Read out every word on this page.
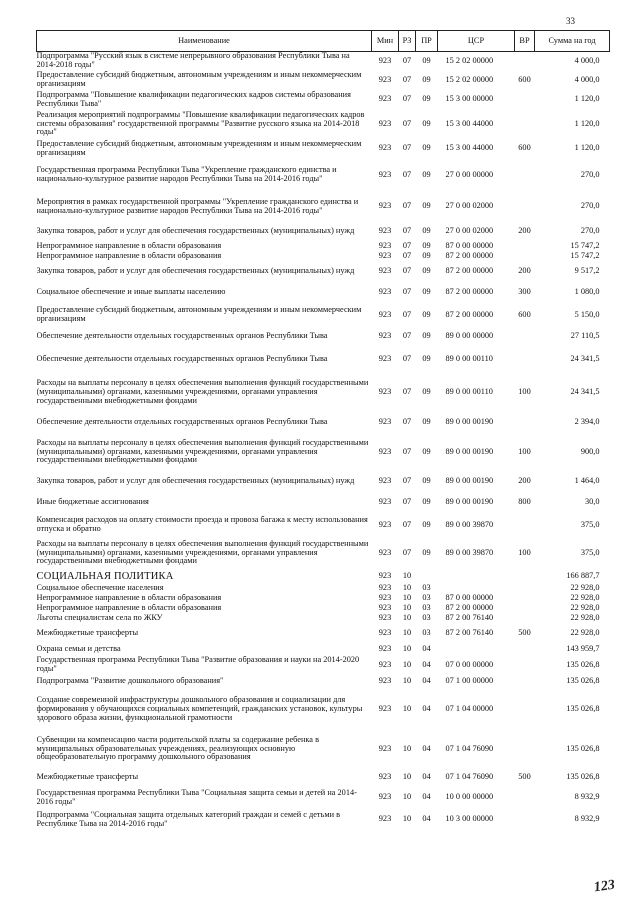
33
Наименование	Мин	РЗ	ПР	ЦСР	ВР	Сумма на год
Подпрограмма "Русский язык в системе непрерывного образования Республики Тыва на 2014-2018 годы"	923	07	09	15 2 02 00000		4 000,0
Предоставление субсидий бюджетным, автономным учреждениям и иным некоммерческим организациям	923	07	09	15 2 02 00000	600	4 000,0
Подпрограмма "Повышение квалификации педагогических кадров системы образования Республики Тыва"	923	07	09	15 3 00 00000		1 120,0
Реализация мероприятий подпрограммы "Повышение квалификации педагогических кадров системы образования" государственной программы "Развитие русского языка на 2014-2018 годы"	923	07	09	15 3 00 44000		1 120,0
Предоставление субсидий бюджетным, автономным учреждениям и иным некоммерческим организациям	923	07	09	15 3 00 44000	600	1 120,0
Государственная программа Республики Тыва "Укрепление гражданского единства и национально-культурное развитие народов Республики Тыва на 2014-2016 годы"	923	07	09	27 0 00 00000		270,0
Мероприятия в рамках государственной программы "Укрепление гражданского единства и национально-культурное развитие народов Республики Тыва на 2014-2016 годы"	923	07	09	27 0 00 02000		270,0
Закупка товаров, работ и услуг для обеспечения государственных (муниципальных) нужд	923	07	09	27 0 00 02000	200	270,0
Непрограммное направление в области образования	923	07	09	87 0 00 00000		15 747,2
Непрограммное направление в области образования	923	07	09	87 2 00 00000		15 747,2
Закупка товаров, работ и услуг для обеспечения государственных (муниципальных) нужд	923	07	09	87 2 00 00000	200	9 517,2
Социальное обеспечение и иные выплаты населению	923	07	09	87 2 00 00000	300	1 080,0
Предоставление субсидий бюджетным, автономным учреждениям и иным некоммерческим организациям	923	07	09	87 2 00 00000	600	5 150,0
Обеспечение деятельности отдельных государственных органов Республики Тыва	923	07	09	89 0 00 00000		27 110,5
Обеспечение деятельности отдельных государственных органов Республики Тыва	923	07	09	89 0 00 00110		24 341,5
Расходы на выплаты персоналу в целях обеспечения выполнения функций государственными (муниципальными) органами, казенными учреждениями, органами управления государственными внебюджетными фондами	923	07	09	89 0 00 00110	100	24 341,5
Обеспечение деятельности отдельных государственных органов Республики Тыва	923	07	09	89 0 00 00190		2 394,0
Расходы на выплаты персоналу в целях обеспечения выполнения функций государственными (муниципальными) органами, казенными учреждениями, органами управления государственными внебюджетными фондами	923	07	09	89 0 00 00190	100	900,0
Закупка товаров, работ и услуг для обеспечения государственных (муниципальных) нужд	923	07	09	89 0 00 00190	200	1 464,0
Иные бюджетные ассигнования	923	07	09	89 0 00 00190	800	30,0
Компенсация расходов на оплату стоимости проезда и провоза багажа к месту использования отпуска и обратно	923	07	09	89 0 00 39870		375,0
Расходы на выплаты персоналу в целях обеспечения выполнения функций государственными (муниципальными) органами, казенными учреждениями, органами управления государственными внебюджетными фондами	923	07	09	89 0 00 39870	100	375,0
СОЦИАЛЬНАЯ ПОЛИТИКА	923	10				166 887,7
Социальное обеспечение населения	923	10	03			22 928,0
Непрограммное направление в области образования	923	10	03	87 0 00 00000		22 928,0
Непрограммное направление в области образования	923	10	03	87 2 00 00000		22 928,0
Льготы специалистам села по ЖКУ	923	10	03	87 2 00 76140		22 928,0
Межбюджетные трансферты	923	10	03	87 2 00 76140	500	22 928,0
Охрана семьи и детства	923	10	04			143 959,7
Государственная программа Республики Тыва "Развитие образования и науки на 2014-2020 годы"	923	10	04	07 0 00 00000		135 026,8
Подпрограмма "Развитие дошкольного образования"	923	10	04	07 1 00 00000		135 026,8
Создание современной инфраструктуры дошкольного образования и социализации для формирования у обучающихся социальных компетенций, гражданских установок, культуры здорового образа жизни, функциональной грамотности	923	10	04	07 1 04 00000		135 026,8
Субвенции на компенсацию части родительской платы за содержание ребенка в муниципальных образовательных учреждениях, реализующих основную общеобразовательную программу дошкольного образования	923	10	04	07 1 04 76090		135 026,8
Межбюджетные трансферты	923	10	04	07 1 04 76090	500	135 026,8
Государственная программа Республики Тыва "Социальная защита семьи и детей на 2014-2016 годы"	923	10	04	10 0 00 00000		8 932,9
Подпрограмма "Социальная защита отдельных категорий граждан и семей с детьми в Республике Тыва на 2014-2016 годы"	923	10	04	10 3 00 00000		8 932,9
123
